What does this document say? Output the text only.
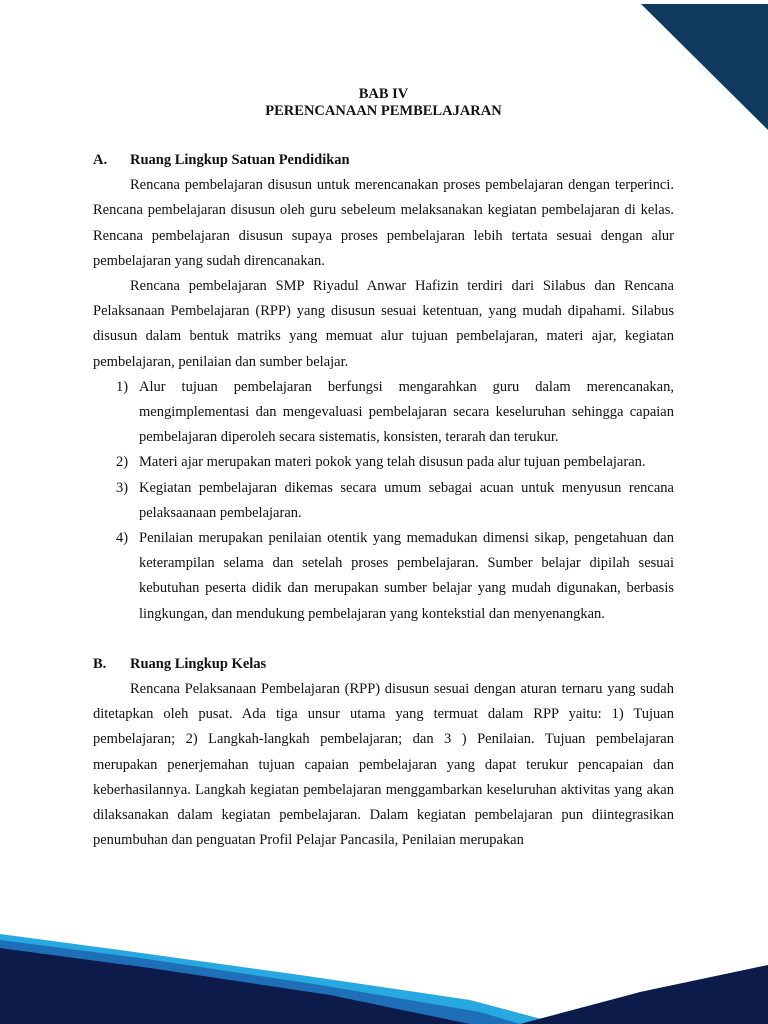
BAB IV
PERENCANAAN PEMBELAJARAN
A.	Ruang Lingkup Satuan Pendidikan

Rencana pembelajaran disusun untuk merencanakan proses pembelajaran dengan terperinci. Rencana pembelajaran disusun oleh guru sebeleum melaksanakan kegiatan pembelajaran di kelas. Rencana pembelajaran disusun supaya proses pembelajaran lebih tertata sesuai dengan alur pembelajaran yang sudah direncanakan.

Rencana pembelajaran SMP Riyadul Anwar Hafizin terdiri dari Silabus dan Rencana Pelaksanaan Pembelajaran (RPP) yang disusun sesuai ketentuan, yang mudah dipahami. Silabus disusun dalam bentuk matriks yang memuat alur tujuan pembelajaran, materi ajar, kegiatan pembelajaran, penilaian dan sumber belajar.

1) Alur tujuan pembelajaran berfungsi mengarahkan guru dalam merencanakan, mengimplementasi dan mengevaluasi pembelajaran secara keseluruhan sehingga capaian pembelajaran diperoleh secara sistematis, konsisten, terarah dan terukur.
2) Materi ajar merupakan materi pokok yang telah disusun pada alur tujuan pembelajaran.
3) Kegiatan pembelajaran dikemas secara umum sebagai acuan untuk menyusun rencana pelaksaanaan pembelajaran.
4) Penilaian merupakan penilaian otentik yang memadukan dimensi sikap, pengetahuan dan keterampilan selama dan setelah proses pembelajaran. Sumber belajar dipilah sesuai kebutuhan peserta didik dan merupakan sumber belajar yang mudah digunakan, berbasis lingkungan, dan mendukung pembelajaran yang kontekstial dan menyenangkan.
B.	Ruang Lingkup Kelas

Rencana Pelaksanaan Pembelajaran (RPP) disusun sesuai dengan aturan ternaru yang sudah ditetapkan oleh pusat. Ada tiga unsur utama yang termuat dalam RPP yaitu: 1) Tujuan pembelajaran; 2) Langkah-langkah pembelajaran; dan 3 ) Penilaian. Tujuan pembelajaran merupakan penerjemahan tujuan capaian pembelajaran yang dapat terukur pencapaian dan keberhasilannya. Langkah kegiatan pembelajaran menggambarkan keseluruhan aktivitas yang akan dilaksanakan dalam kegiatan pembelajaran. Dalam kegiatan pembelajaran pun diintegrasikan penumbuhan dan penguatan Profil Pelajar Pancasila, Penilaian merupakan
